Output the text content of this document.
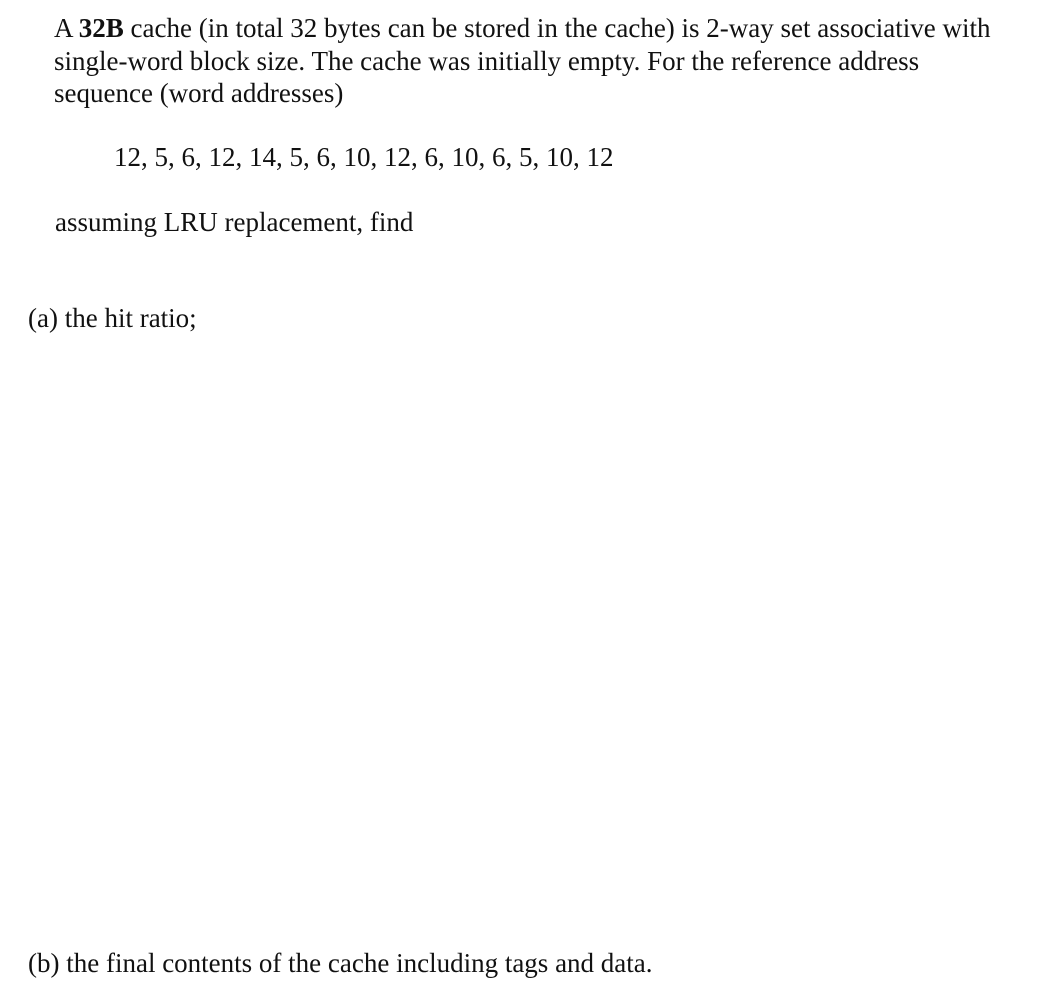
A 32B cache (in total 32 bytes can be stored in the cache) is 2-way set associative with
single-word block size. The cache was initially empty. For the reference address
sequence (word addresses)
12, 5, 6, 12, 14, 5, 6, 10, 12, 6, 10, 6, 5, 10, 12
assuming LRU replacement, find
(a) the hit ratio;
(b) the final contents of the cache including tags and data.
